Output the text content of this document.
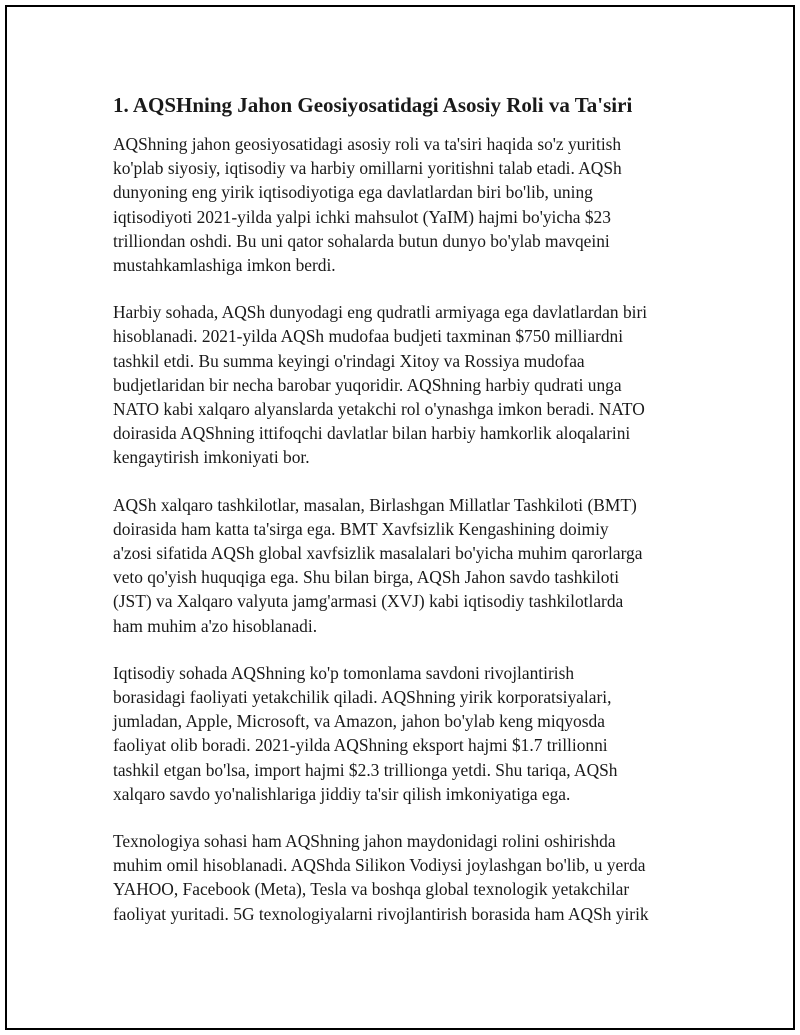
1. AQSHning Jahon Geosiyosatidagi Asosiy Roli va Ta'siri

AQShning jahon geosiyosatidagi asosiy roli va ta'siri haqida so'z yuritish
ko'plab siyosiy, iqtisodiy va harbiy omillarni yoritishni talab etadi. AQSh
dunyoning eng yirik iqtisodiyotiga ega davlatlardan biri bo'lib, uning
iqtisodiyoti 2021-yilda yalpi ichki mahsulot (YaIM) hajmi bo'yicha $23
trilliondan oshdi. Bu uni qator sohalarda butun dunyo bo'ylab mavqeini
mustahkamlashiga imkon berdi.

Harbiy sohada, AQSh dunyodagi eng qudratli armiyaga ega davlatlardan biri
hisoblanadi. 2021-yilda AQSh mudofaa budjeti taxminan $750 milliardni
tashkil etdi. Bu summa keyingi o'rindagi Xitoy va Rossiya mudofaa
budjetlaridan bir necha barobar yuqoridir. AQShning harbiy qudrati unga
NATO kabi xalqaro alyanslarda yetakchi rol o'ynashga imkon beradi. NATO
doirasida AQShning ittifoqchi davlatlar bilan harbiy hamkorlik aloqalarini
kengaytirish imkoniyati bor.

AQSh xalqaro tashkilotlar, masalan, Birlashgan Millatlar Tashkiloti (BMT)
doirasida ham katta ta'sirga ega. BMT Xavfsizlik Kengashining doimiy
a'zosi sifatida AQSh global xavfsizlik masalalari bo'yicha muhim qarorlarga
veto qo'yish huquqiga ega. Shu bilan birga, AQSh Jahon savdo tashkiloti
(JST) va Xalqaro valyuta jamg'armasi (XVJ) kabi iqtisodiy tashkilotlarda
ham muhim a'zo hisoblanadi.

Iqtisodiy sohada AQShning ko'p tomonlama savdoni rivojlantirish
borasidagi faoliyati yetakchilik qiladi. AQShning yirik korporatsiyalari,
jumladan, Apple, Microsoft, va Amazon, jahon bo'ylab keng miqyosda
faoliyat olib boradi. 2021-yilda AQShning eksport hajmi $1.7 trillionni
tashkil etgan bo'lsa, import hajmi $2.3 trillionga yetdi. Shu tariqa, AQSh
xalqaro savdo yo'nalishlariga jiddiy ta'sir qilish imkoniyatiga ega.

Texnologiya sohasi ham AQShning jahon maydonidagi rolini oshirishda
muhim omil hisoblanadi. AQShda Silikon Vodiysi joylashgan bo'lib, u yerda
YAHOO, Facebook (Meta), Tesla va boshqa global texnologik yetakchilar
faoliyat yuritadi. 5G texnologiyalarni rivojlantirish borasida ham AQSh yirik
